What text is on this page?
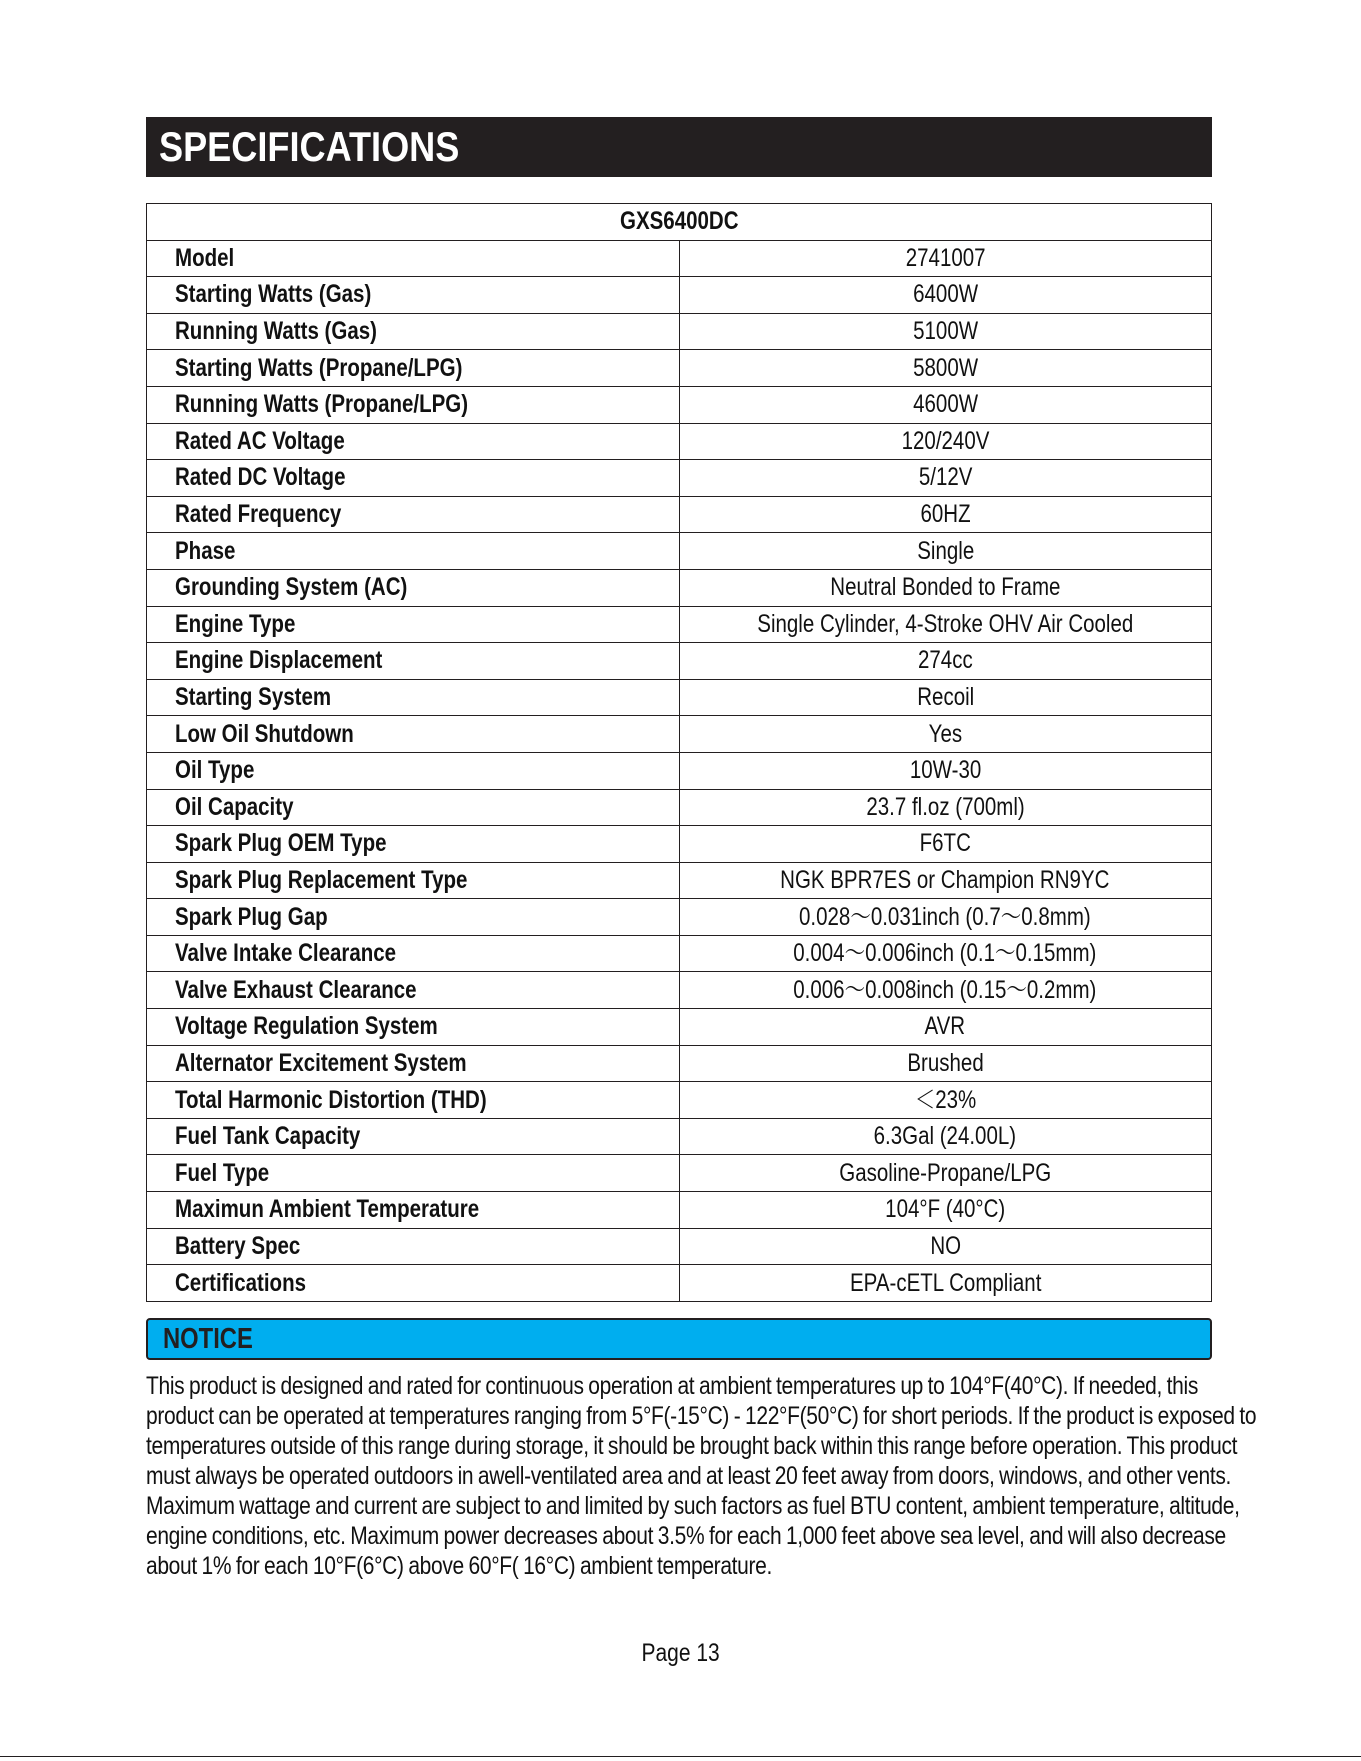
SPECIFICATIONS
GXS6400DC	
Model	2741007
Starting Watts (Gas)	6400W
Running Watts (Gas)	5100W
Starting Watts (Propane/LPG)	5800W
Running Watts (Propane/LPG)	4600W
Rated AC Voltage	120/240V
Rated DC Voltage	5/12V
Rated Frequency	60HZ
Phase	Single
Grounding System (AC)	Neutral Bonded to Frame
Engine Type	Single Cylinder, 4-Stroke OHV Air Cooled
Engine Displacement	274cc
Starting System	Recoil
Low Oil Shutdown	Yes
Oil Type	10W-30
Oil Capacity	23.7 fl.oz (700ml)
Spark Plug OEM Type	F6TC
Spark Plug Replacement Type	NGK BPR7ES or Champion RN9YC
Spark Plug Gap	0.028～0.031inch (0.7～0.8mm)
Valve Intake Clearance	0.004～0.006inch (0.1～0.15mm)
Valve Exhaust Clearance	0.006～0.008inch (0.15～0.2mm)
Voltage Regulation System	AVR
Alternator Excitement System	Brushed
Total Harmonic Distortion (THD)	＜23%
Fuel Tank Capacity	6.3Gal (24.00L)
Fuel Type	Gasoline-Propane/LPG
Maximun Ambient Temperature	104°F (40°C)
Battery Spec	NO
Certifications	EPA-cETL Compliant
NOTICE

This product is designed and rated for continuous operation at ambient temperatures up to 104°F(40°C). If needed, this product can be operated at temperatures ranging from 5°F(-15°C) - 122°F(50°C) for short periods. If the product is exposed to temperatures outside of this range during storage, it should be brought back within this range before operation. This product must always be operated outdoors in awell-ventilated area and at least 20 feet away from doors, windows, and other vents.

Maximum wattage and current are subject to and limited by such factors as fuel BTU content, ambient temperature, altitude, engine conditions, etc. Maximum power decreases about 3.5% for each 1,000 feet above sea level, and will also decrease about 1% for each 10°F(6°C) above 60°F( 16°C) ambient temperature.

Page 13
